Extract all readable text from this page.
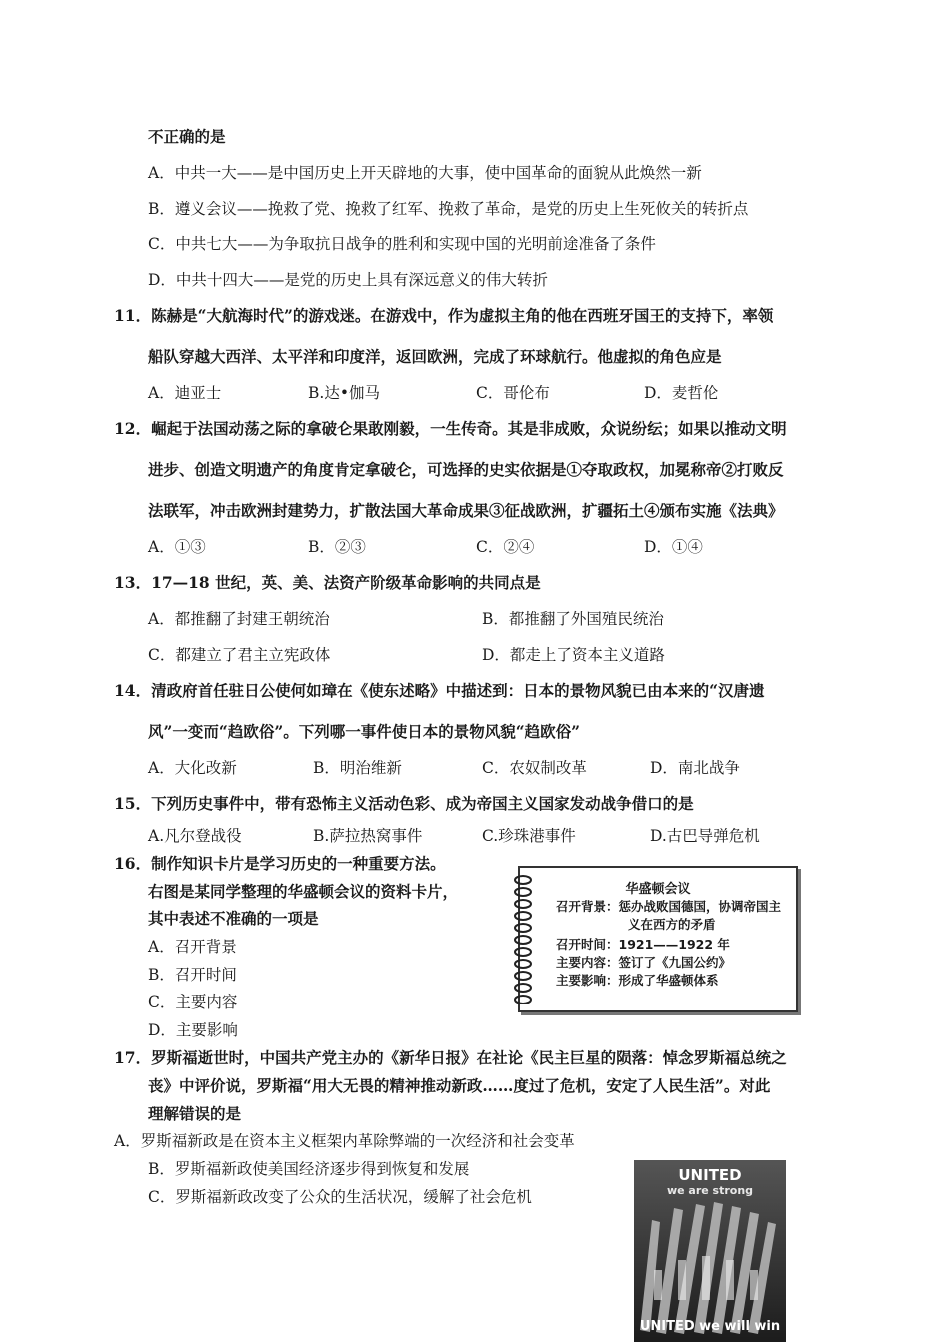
不正确的是
A．中共一大——是中国历史上开天辟地的大事，使中国革命的面貌从此焕然一新
B．遵义会议——挽救了党、挽救了红军、挽救了革命，是党的历史上生死攸关的转折点
C．中共七大——为争取抗日战争的胜利和实现中国的光明前途准备了条件
D．中共十四大——是党的历史上具有深远意义的伟大转折
11．陈赫是“大航海时代”的游戏迷。在游戏中，作为虚拟主角的他在西班牙国王的支持下，率领
船队穿越大西洋、太平洋和印度洋，返回欧洲，完成了环球航行。他虚拟的角色应是
A．迪亚士	B.达•伽马	C．哥伦布	D．麦哲伦
12．崛起于法国动荡之际的拿破仑果敢刚毅，一生传奇。其是非成败，众说纷纭；如果以推动文明
进步、创造文明遗产的角度肯定拿破仑，可选择的史实依据是①夺取政权，加冕称帝②打败反
法联军，冲击欧洲封建势力，扩散法国大革命成果③征战欧洲，扩疆拓土④颁布实施《法典》
A．①③	B．②③	C．②④	D．①④
13．17—18 世纪，英、美、法资产阶级革命影响的共同点是
A．都推翻了封建王朝统治	B．都推翻了外国殖民统治
C．都建立了君主立宪政体	D．都走上了资本主义道路
14．清政府首任驻日公使何如璋在《使东述略》中描述到：日本的景物风貌已由本来的“汉唐遗
风”一变而“趋欧俗”。下列哪一事件使日本的景物风貌“趋欧俗”
A．大化改新	B．明治维新	C．农奴制改革	D．南北战争
15．下列历史事件中，带有恐怖主义活动色彩、成为帝国主义国家发动战争借口的是
A.凡尔登战役	B.萨拉热窝事件	C.珍珠港事件	D.古巴导弹危机
16．制作知识卡片是学习历史的一种重要方法。
右图是某同学整理的华盛顿会议的资料卡片，
其中表述不准确的一项是
A．召开背景
B．召开时间
C．主要内容
D．主要影响
华盛顿会议
召开背景：惩办战败国德国，协调帝国主
义在西方的矛盾
召开时间：1921——1922 年
主要内容：签订了《九国公约》
主要影响：形成了华盛顿体系
17．罗斯福逝世时，中国共产党主办的《新华日报》在社论《民主巨星的陨落：悼念罗斯福总统之
丧》中评价说，罗斯福“用大无畏的精神推动新政……度过了危机，安定了人民生活”。对此
理解错误的是
A．罗斯福新政是在资本主义框架内革除弊端的一次经济和社会变革
B．罗斯福新政使美国经济逐步得到恢复和发展
C．罗斯福新政改变了公众的生活状况，缓解了社会危机
UNITED
we are strong
UNITED we will win
